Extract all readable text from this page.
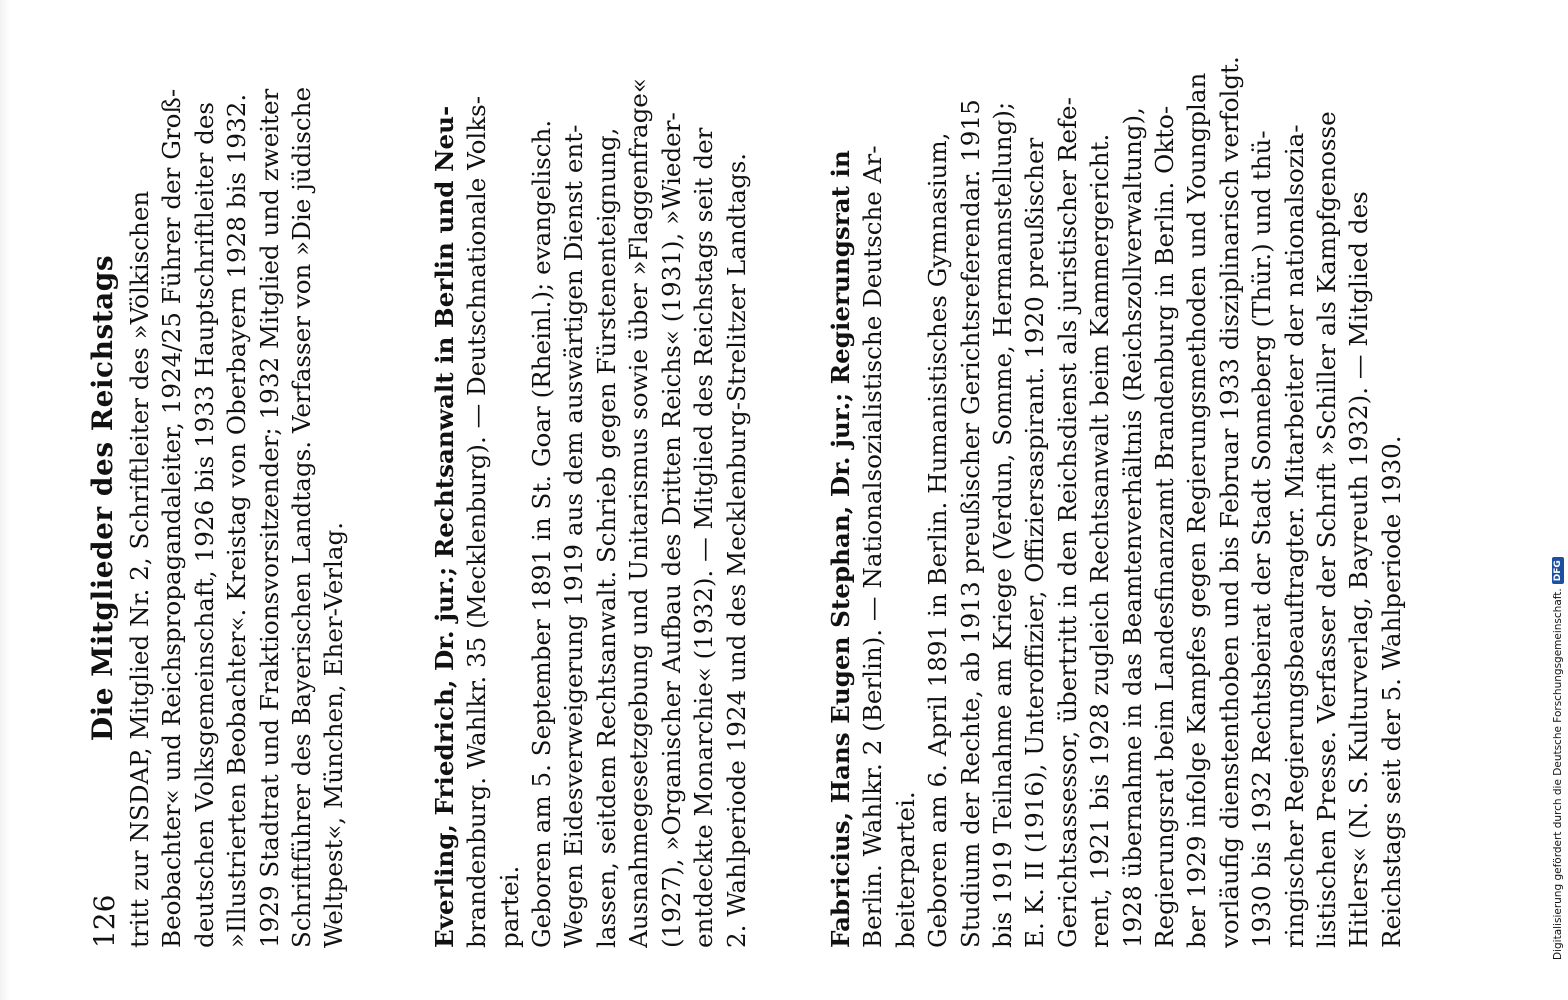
126
Die Mitglieder des Reichstags tritt zur NSDAP, Mitglied Nr. 2, Schriftleiter des »Völkischen Beobachter« und Reichspropagandaleiter, 1924/25 Führer der Groß- deutschen Volksgemeinschaft, 1926 bis 1933 Hauptschriftleiter des »Illustrierten Beobachter«. Kreistag von Oberbayern 1928 bis 1932. 1929 Stadtrat und Fraktionsvorsitzender; 1932 Mitglied und zweiter Schriftführer des Bayerischen Landtags. Verfasser von »Die jüdische Weltpest«, München, Eher-Verlag.	Everling, Friedrich, Dr. jur.; Rechtsanwalt in Berlin und Neu- brandenburg. Wahlkr. 35 (Mecklenburg). — Deutschnationale Volks- partei. Geboren am 5. September 1891 in St. Goar (Rheinl.); evangelisch. Wegen Eidesverweigerung 1919 aus dem auswärtigen Dienst ent- lassen, seitdem Rechtsanwalt. Schrieb gegen Fürstenenteignung, Ausnahmegesetzgebung und Unitarismus sowie über »Flaggenfrage« (1927), »Organischer Aufbau des Dritten Reichs« (1931), »Wieder- entdeckte Monarchie« (1932). — Mitglied des Reichstags seit der 2. Wahlperiode 1924 und des Mecklenburg-Strelitzer Landtags.	Fabricius, Hans Eugen Stephan, Dr. jur.; Regierungsrat in Berlin. Wahlkr. 2 (Berlin). — Nationalsozialistische Deutsche Ar- beiterpartei. Geboren am 6. April 1891 in Berlin. Humanistisches Gymnasium, Studium der Rechte, ab 1913 preußischer Gerichtsreferendar. 1915 bis 1919 Teilnahme am Kriege (Verdun, Somme, Hermannstellung); E. K. II (1916), Unteroffizier, Offiziersaspirant. 1920 preußischer Gerichtsassessor, übertritt in den Reichsdienst als juristischer Refe- rent, 1921 bis 1928 zugleich Rechtsanwalt beim Kammergericht. 1928 übernahme in das Beamtenverhältnis (Reichszollverwaltung), Regierungsrat beim Landesfinanzamt Brandenburg in Berlin. Okto- ber 1929 infolge Kampfes gegen Regierungsmethoden und Youngplan vorläufig dienstenthoben und bis Februar 1933 disziplinarisch verfolgt. 1930 bis 1932 Rechtsbeirat der Stadt Sonneberg (Thür.) und thü- ringischer Regierungsbeauftragter. Mitarbeiter der nationalsozia- listischen Presse. Verfasser der Schrift »Schiller als Kampfgenosse Hitlers« (N. S. Kulturverlag, Bayreuth 1932). — Mitglied des Reichstags seit der 5. Wahlperiode 1930.	Digitalisierung gefördert durch die Deutsche Forschungsgemeinschaft.
DFG
